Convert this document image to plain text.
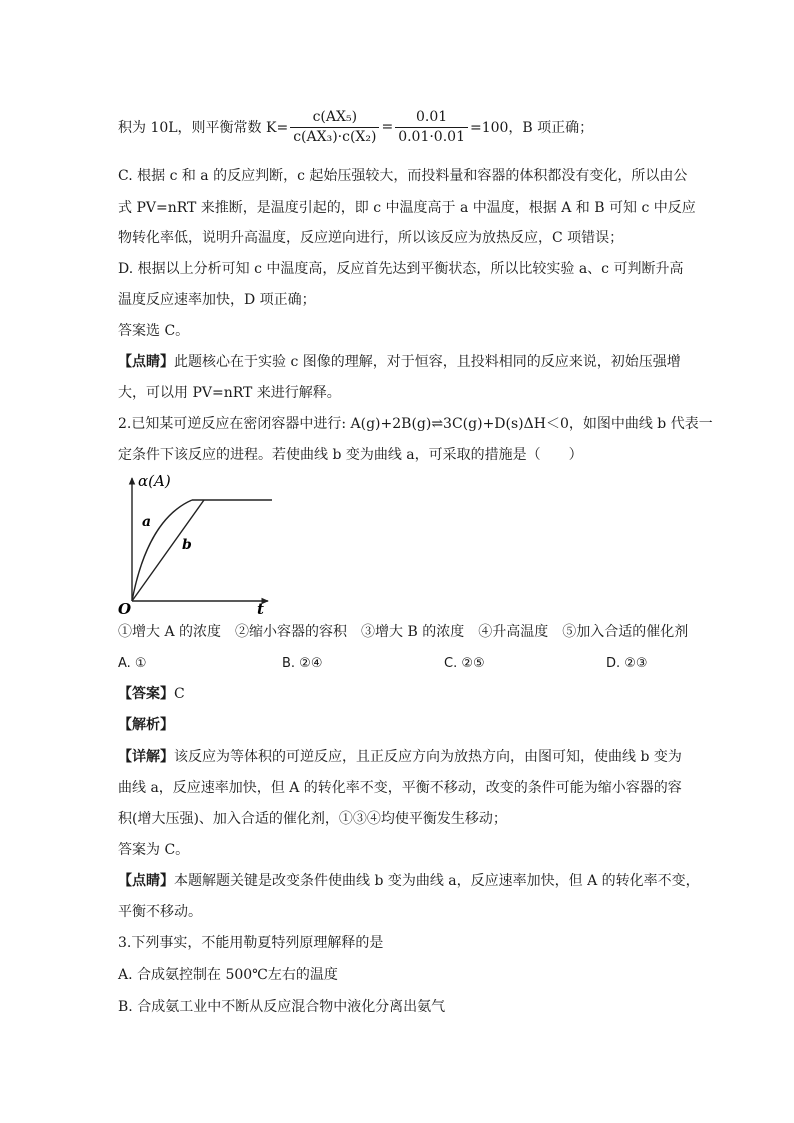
积为 10L，则平衡常数 $K= \frac{\text{c(AX₅)}}{\text{c(AX₃)·c(X₂)}} = \frac{0.01}{0.01\cdot 0.01} =100$，B 项正确；
C. 根据 c 和 a 的反应判断，c 起始压强较大，而投料量和容器的体积都没有变化，所以由公
式 PV=nRT 来推断，是温度引起的，即 c 中温度高于 a 中温度，根据 A 和 B 可知 c 中反应
物转化率低，说明升高温度，反应逆向进行，所以该反应为放热反应，C 项错误；
D. 根据以上分析可知 c 中温度高，反应首先达到平衡状态，所以比较实验 a、c 可判断升高
温度反应速率加快，D 项正确；
答案选 C。
【点睛】此题核心在于实验 c 图像的理解，对于恒容，且投料相同的反应来说，初始压强增
大，可以用 PV=nRT 来进行解释。
2.已知某可逆反应在密闭容器中进行: A(g)+2B(g)⇌3C(g)+D(s)ΔH＜0，如图中曲线 b 代表一
定条件下该反应的进程。若使曲线 b 变为曲线 a，可采取的措施是（　　）
α(A)
t
O
a
b
①增大 A 的浓度　②缩小容器的容积　③增大 B 的浓度　④升高温度　⑤加入合适的催化剂
A. ①	B. ②④	C. ②⑤	D. ②③
【答案】C
【解析】
【详解】该反应为等体积的可逆反应，且正反应方向为放热方向，由图可知，使曲线 b 变为
曲线 a，反应速率加快，但 A 的转化率不变，平衡不移动，改变的条件可能为缩小容器的容
积(增大压强)、加入合适的催化剂，①③④均使平衡发生移动；
答案为 C。
【点睛】本题解题关键是改变条件使曲线 b 变为曲线 a，反应速率加快，但 A 的转化率不变，
平衡不移动。
3.下列事实，不能用勒夏特列原理解释的是
A. 合成氨控制在 500℃左右的温度
B. 合成氨工业中不断从反应混合物中液化分离出氨气
